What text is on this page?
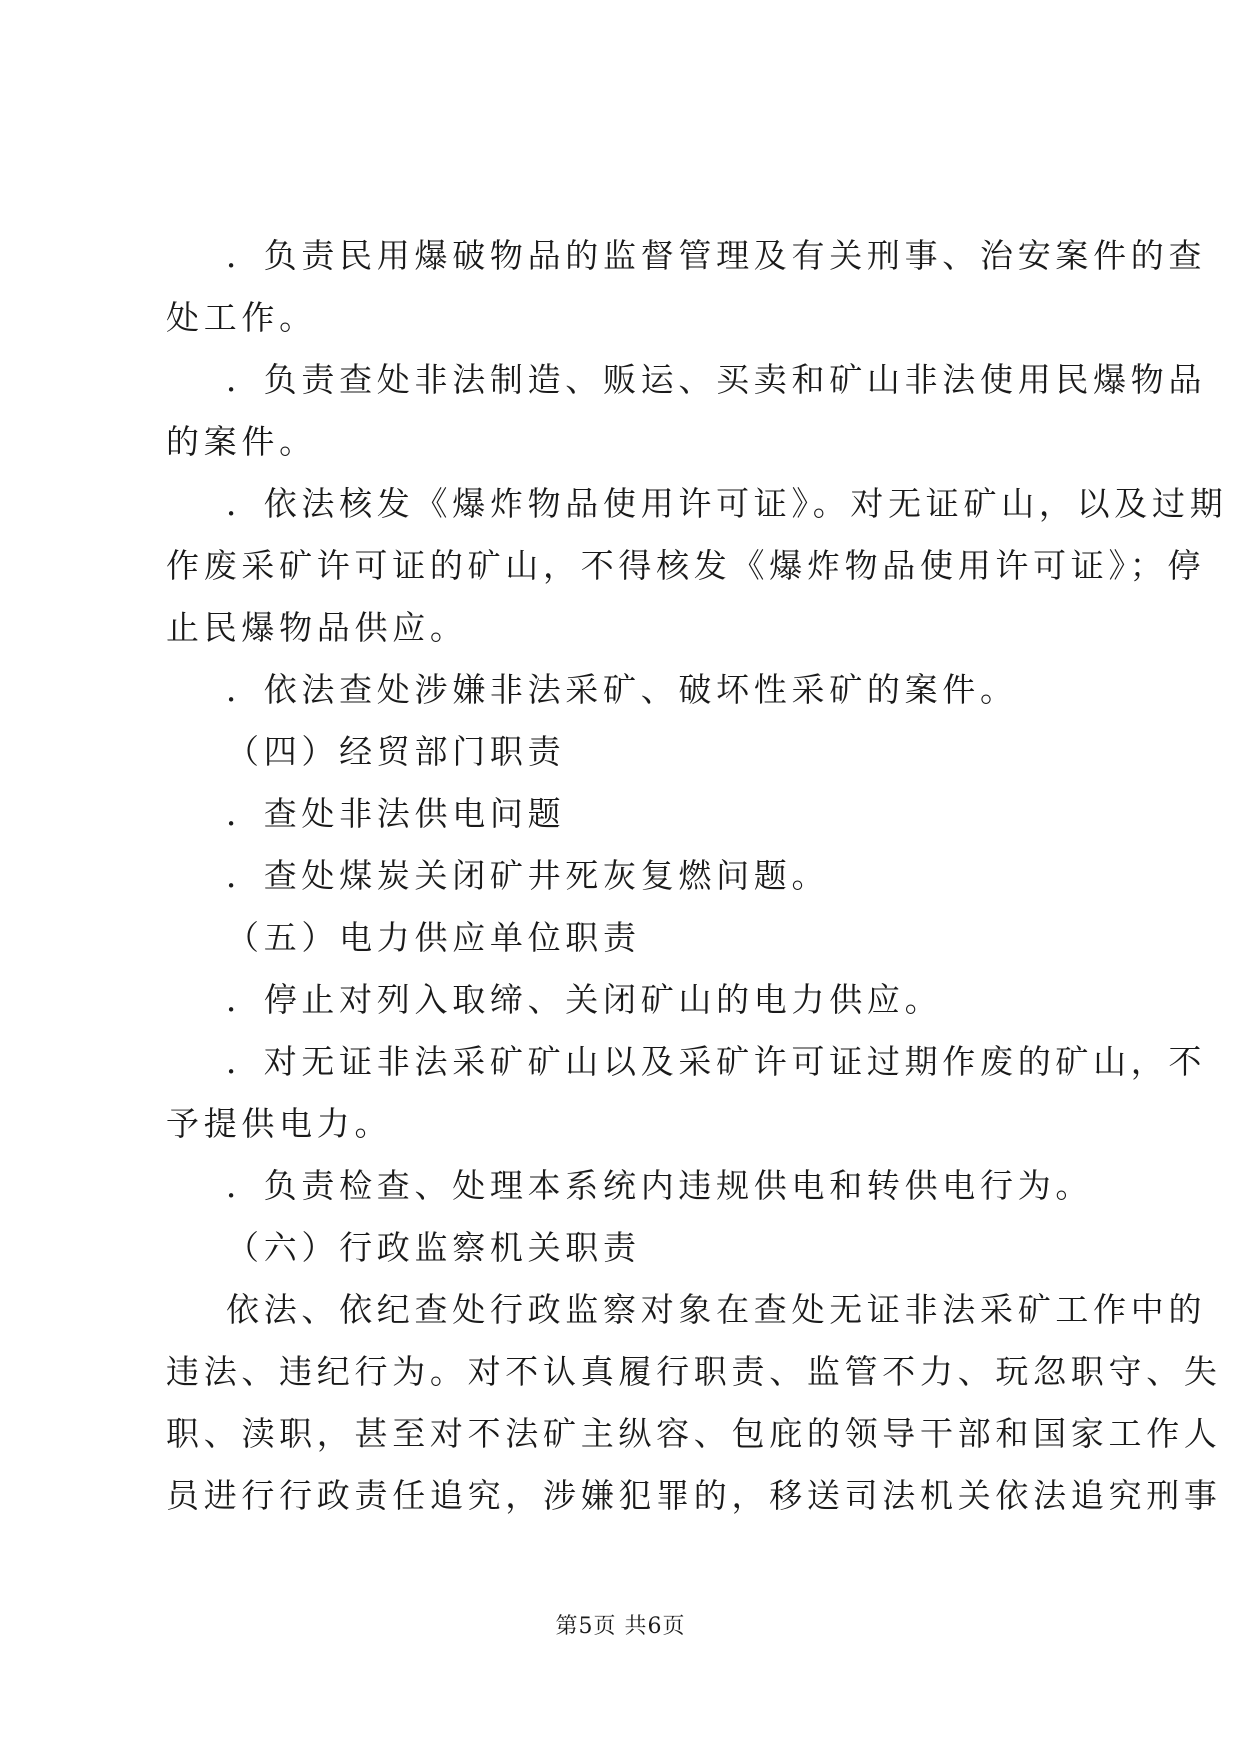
．负责民用爆破物品的监督管理及有关刑事、治安案件的查
处工作。
．负责查处非法制造、贩运、买卖和矿山非法使用民爆物品
的案件。
．依法核发《爆炸物品使用许可证》。对无证矿山，以及过期
作废采矿许可证的矿山，不得核发《爆炸物品使用许可证》；停
止民爆物品供应。
．依法查处涉嫌非法采矿、破坏性采矿的案件。
（四）经贸部门职责
．查处非法供电问题
．查处煤炭关闭矿井死灰复燃问题。
（五）电力供应单位职责
．停止对列入取缔、关闭矿山的电力供应。
．对无证非法采矿矿山以及采矿许可证过期作废的矿山，不
予提供电力。
．负责检查、处理本系统内违规供电和转供电行为。
（六）行政监察机关职责
依法、依纪查处行政监察对象在查处无证非法采矿工作中的
违法、违纪行为。对不认真履行职责、监管不力、玩忽职守、失
职、渎职，甚至对不法矿主纵容、包庇的领导干部和国家工作人
员进行行政责任追究，涉嫌犯罪的，移送司法机关依法追究刑事
第5页 共6页
